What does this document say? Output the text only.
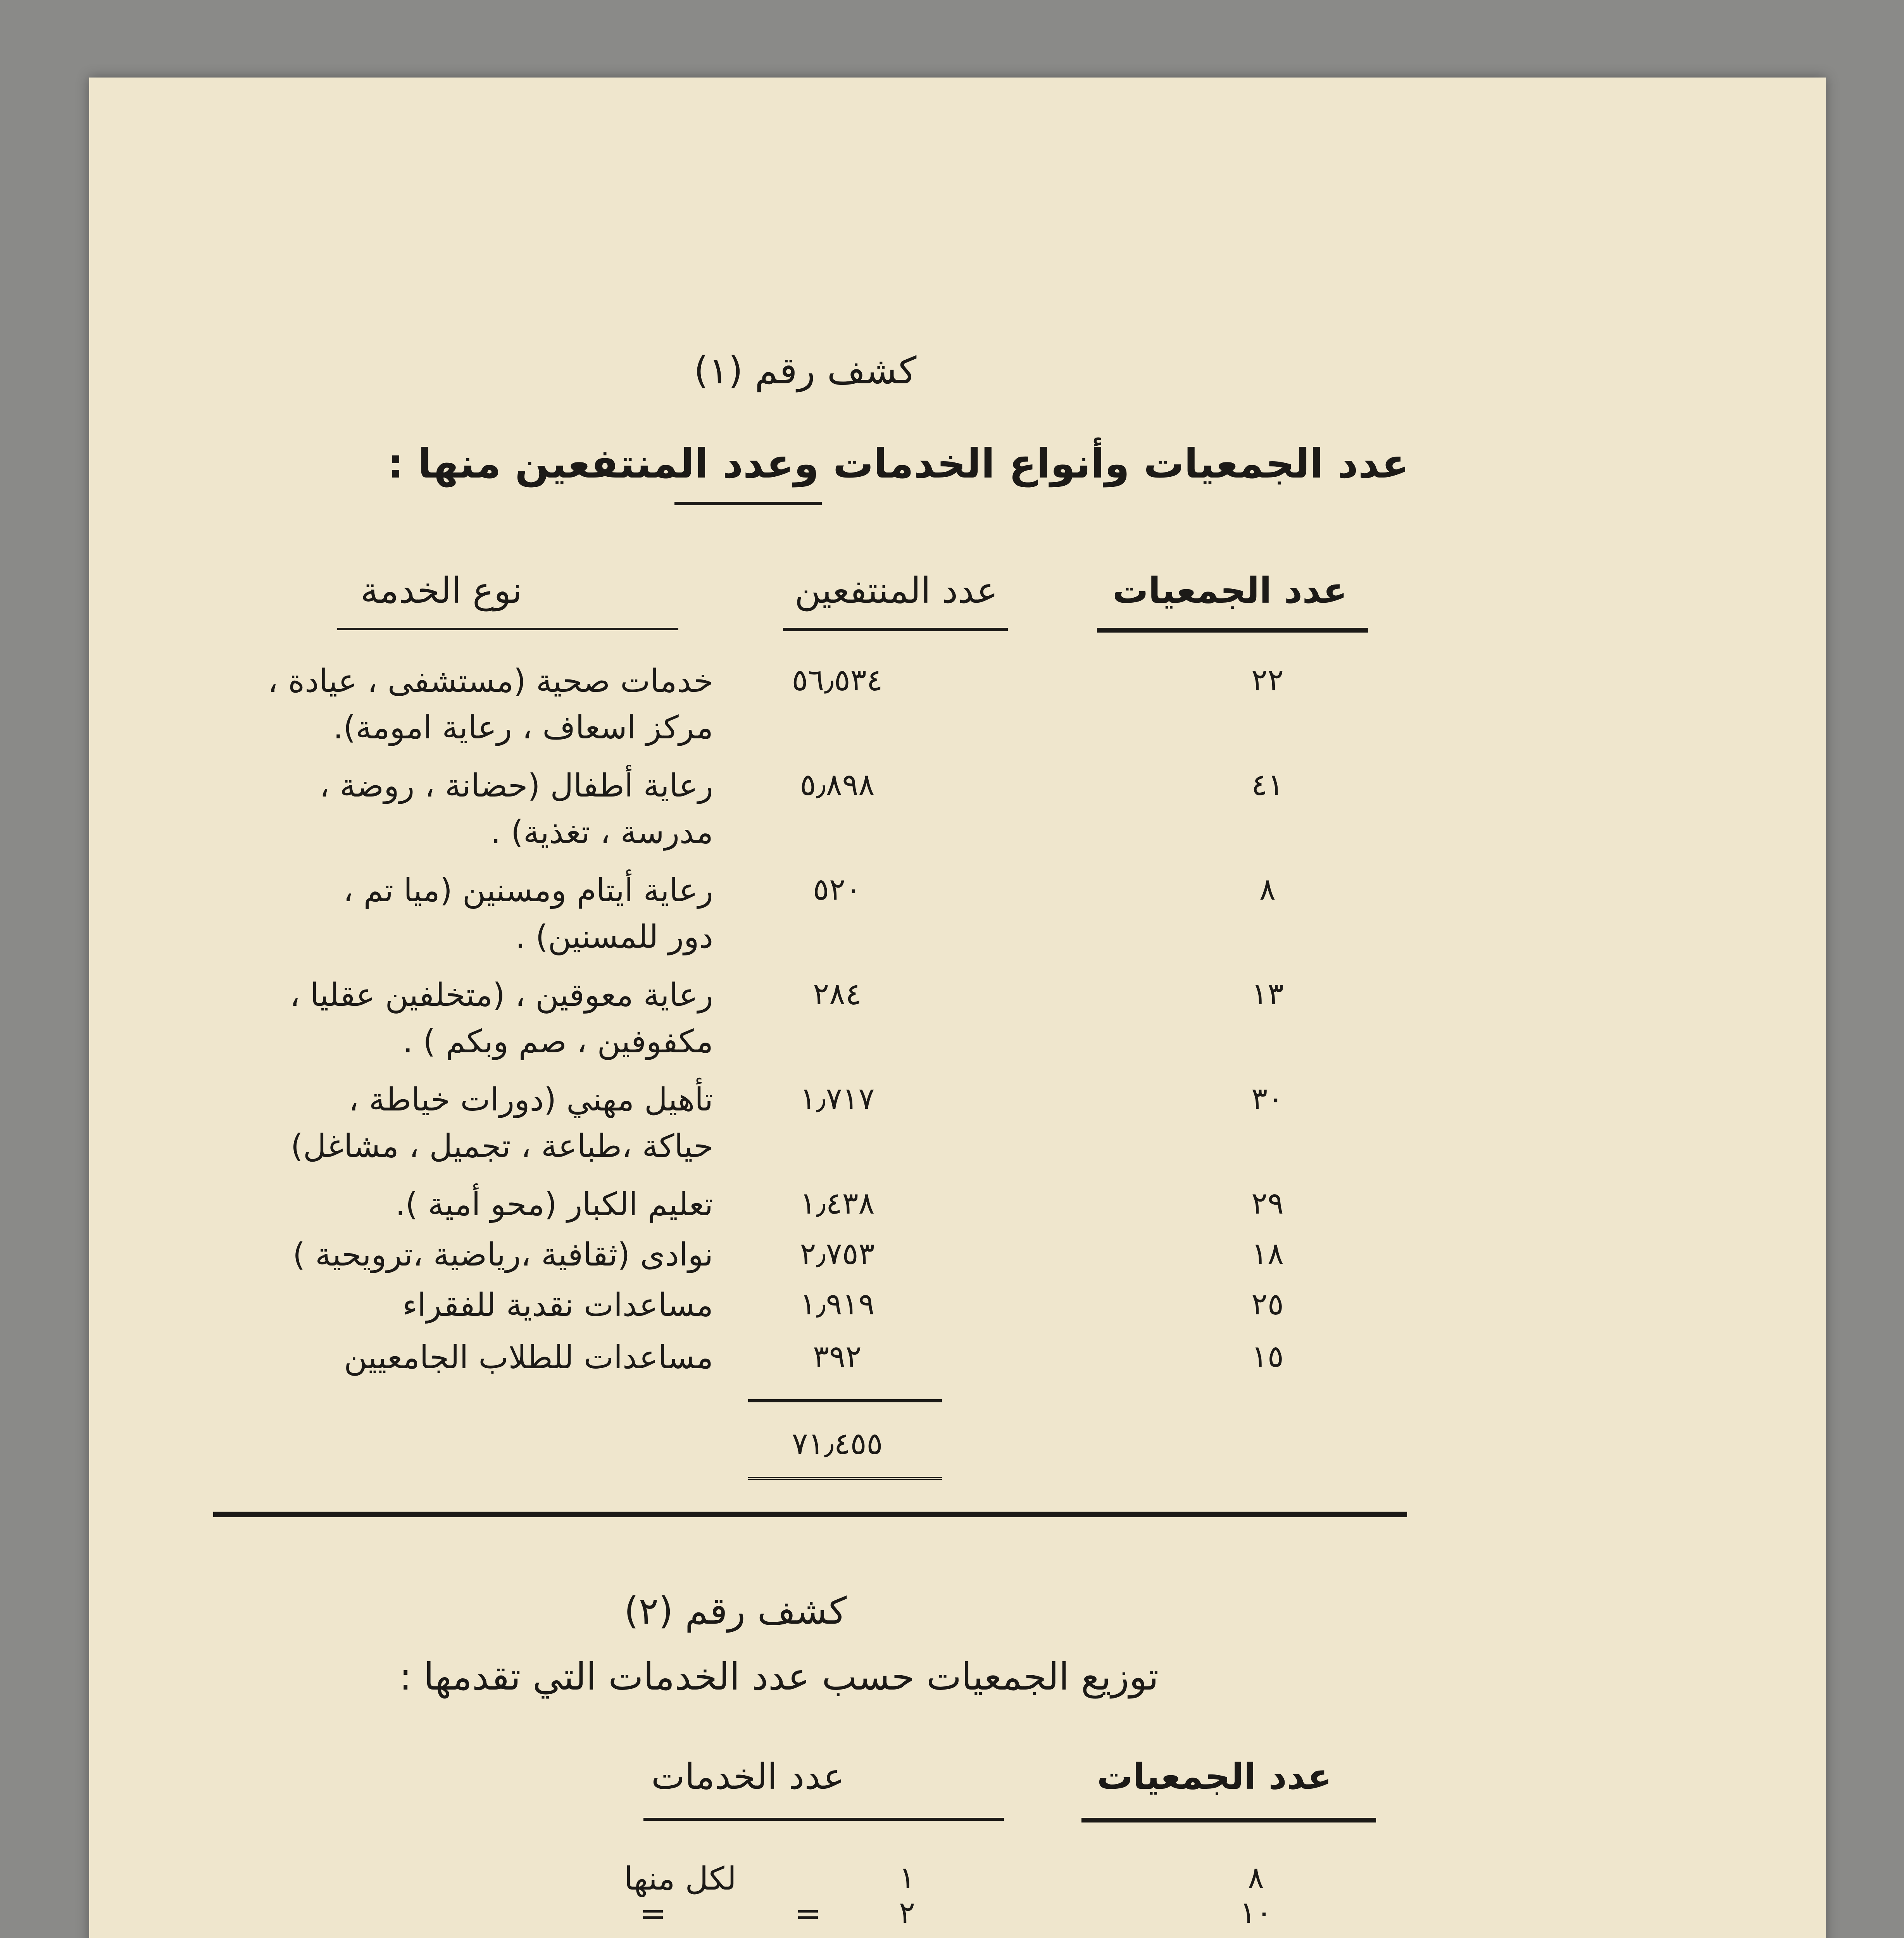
كشف رقم (١)
عدد الجمعيات وأنواع الخدمات وعدد المنتفعين منها :
عدد الجمعيات
عدد المنتفعين
نوع الخدمة
٢٢
٥٦٫٥٣٤
خدمات صحية (مستشفى ، عيادة ،
مركز اسعاف ، رعاية امومة).
٤١
٥٫٨٩٨
رعاية أطفال (حضانة ، روضة ،
مدرسة ، تغذية) .
٨
٥٢٠
رعاية أيتام ومسنين (ميا تم ،
دور للمسنين) .
١٣
٢٨٤
رعاية معوقين ، (متخلفين عقليا ،
مكفوفين ، صم وبكم ) .
٣٠
١٫٧١٧
تأهيل مهني (دورات خياطة ،
حياكة ،طباعة ، تجميل ، مشاغل)
٢٩
١٫٤٣٨
تعليم الكبار (محو أمية ).
١٨
٢٫٧٥٣
نوادى (ثقافية ،رياضية ،ترويحية )
٢٥
١٫٩١٩
مساعدات نقدية للفقراء
١٥
٣٩٢
مساعدات للطلاب الجامعيين
٧١٫٤٥٥
كشف رقم (٢)
توزيع الجمعيات حسب عدد الخدمات التي تقدمها :
عدد الجمعيات
عدد الخدمات
٨
١
لكل منها
١٠
٢
=
=
